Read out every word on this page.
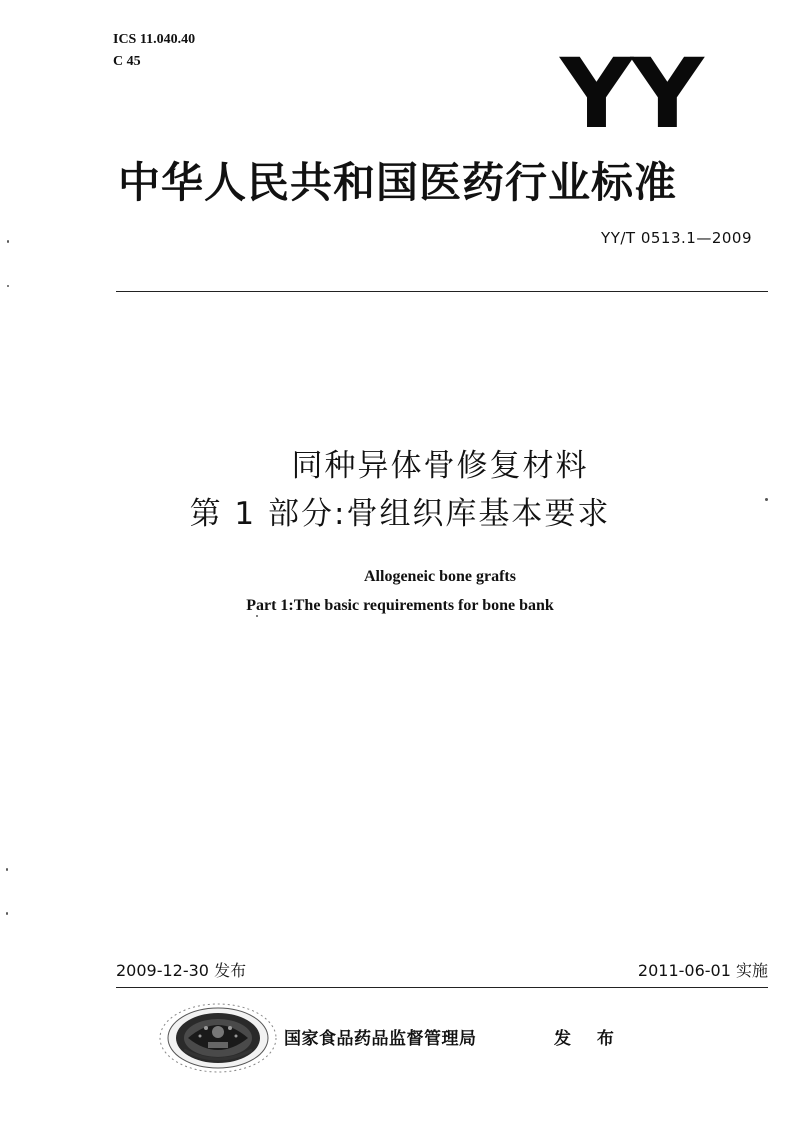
ICS 11.040.40
C 45	YY
中华人民共和国医药行业标准
YY/T 0513.1—2009
同种异体骨修复材料
第 1 部分:骨组织库基本要求
Allogeneic bone grafts
Part 1:The basic requirements for bone bank
2009-12-30 发布	2011-06-01 实施
国家食品药品监督管理局	发 布
